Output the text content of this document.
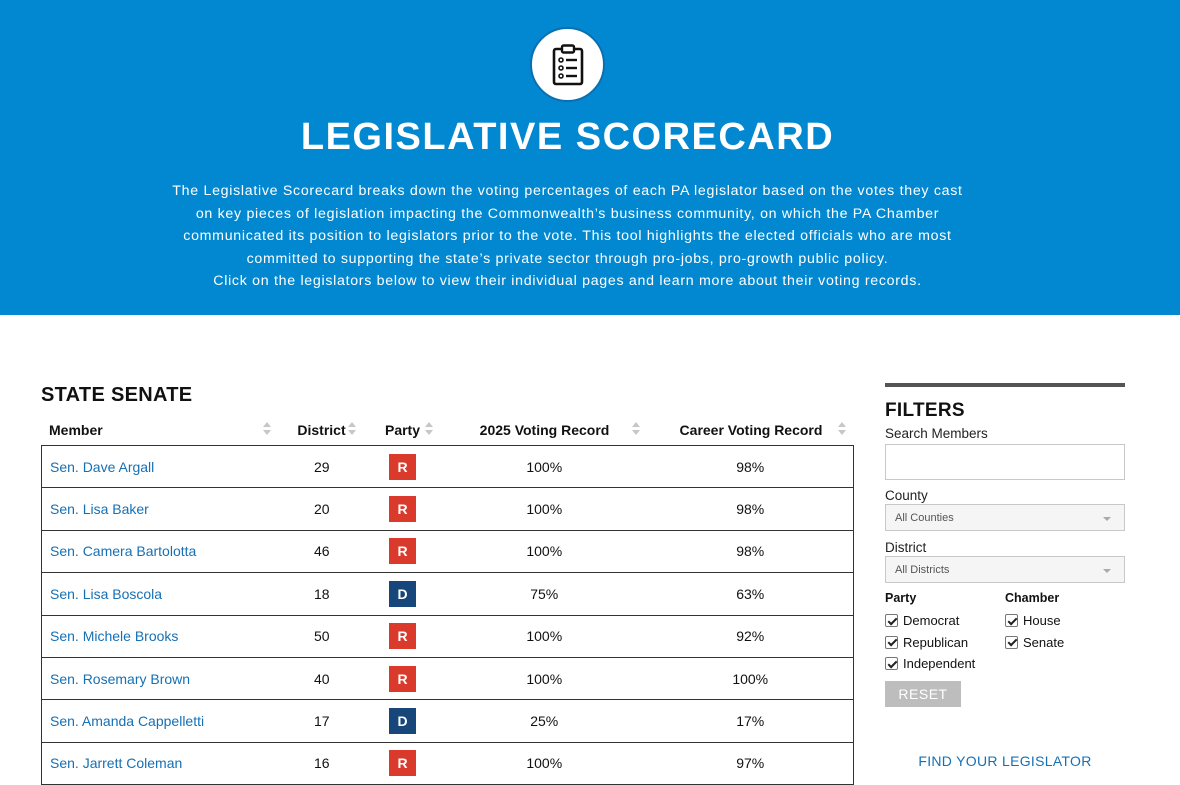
LEGISLATIVE SCORECARD
The Legislative Scorecard breaks down the voting percentages of each PA legislator based on the votes they cast
on key pieces of legislation impacting the Commonwealth’s business community, on which the PA Chamber
communicated its position to legislators prior to the vote. This tool highlights the elected officials who are most
committed to supporting the state’s private sector through pro-jobs, pro-growth public policy.
Click on the legislators below to view their individual pages and learn more about their voting records.
STATE SENATE
Member	District	Party	2025 Voting Record	Career Voting Record
Sen. Dave Argall	29	R	100%	98%
Sen. Lisa Baker	20	R	100%	98%
Sen. Camera Bartolotta	46	R	100%	98%
Sen. Lisa Boscola	18	D	75%	63%
Sen. Michele Brooks	50	R	100%	92%
Sen. Rosemary Brown	40	R	100%	100%
Sen. Amanda Cappelletti	17	D	25%	17%
Sen. Jarrett Coleman	16	R	100%	97%
FILTERS
Search Members
County
All Counties
District
All Districts
Party
Democrat
Republican
Independent
Chamber
House
Senate
RESET
FIND YOUR LEGISLATOR
